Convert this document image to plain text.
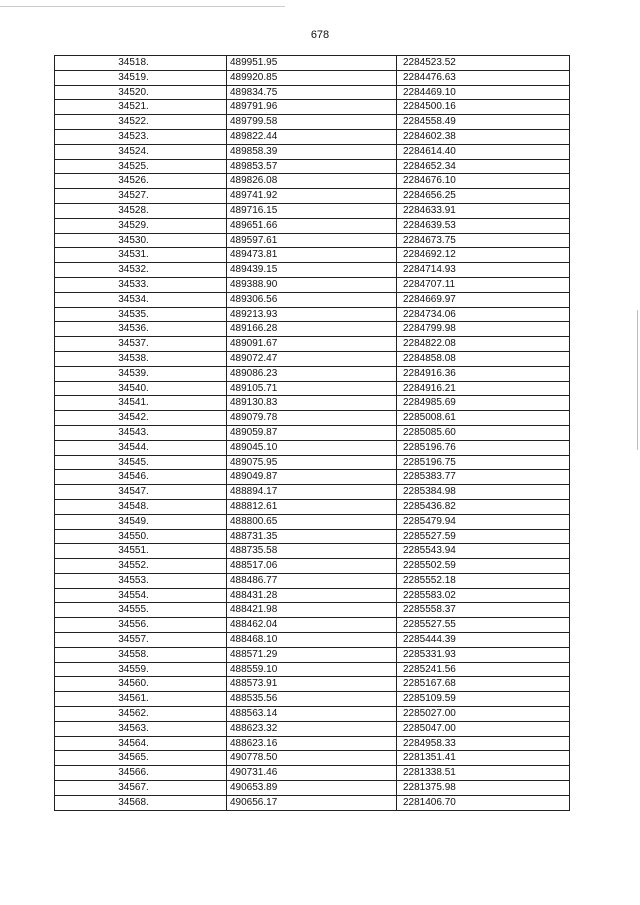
678
34518.	489951.95	2284523.52
34519.	489920.85	2284476.63
34520.	489834.75	2284469.10
34521.	489791.96	2284500.16
34522.	489799.58	2284558.49
34523.	489822.44	2284602.38
34524.	489858.39	2284614.40
34525.	489853.57	2284652.34
34526.	489826.08	2284676.10
34527.	489741.92	2284656.25
34528.	489716.15	2284633.91
34529.	489651.66	2284639.53
34530.	489597.61	2284673.75
34531.	489473.81	2284692.12
34532.	489439.15	2284714.93
34533.	489388.90	2284707.11
34534.	489306.56	2284669.97
34535.	489213.93	2284734.06
34536.	489166.28	2284799.98
34537.	489091.67	2284822.08
34538.	489072.47	2284858.08
34539.	489086.23	2284916.36
34540.	489105.71	2284916.21
34541.	489130.83	2284985.69
34542.	489079.78	2285008.61
34543.	489059.87	2285085.60
34544.	489045.10	2285196.76
34545.	489075.95	2285196.75
34546.	489049.87	2285383.77
34547.	488894.17	2285384.98
34548.	488812.61	2285436.82
34549.	488800.65	2285479.94
34550.	488731.35	2285527.59
34551.	488735.58	2285543.94
34552.	488517.06	2285502.59
34553.	488486.77	2285552.18
34554.	488431.28	2285583.02
34555.	488421.98	2285558.37
34556.	488462.04	2285527.55
34557.	488468.10	2285444.39
34558.	488571.29	2285331.93
34559.	488559.10	2285241.56
34560.	488573.91	2285167.68
34561.	488535.56	2285109.59
34562.	488563.14	2285027.00
34563.	488623.32	2285047.00
34564.	488623.16	2284958.33
34565.	490778.50	2281351.41
34566.	490731.46	2281338.51
34567.	490653.89	2281375.98
34568.	490656.17	2281406.70
